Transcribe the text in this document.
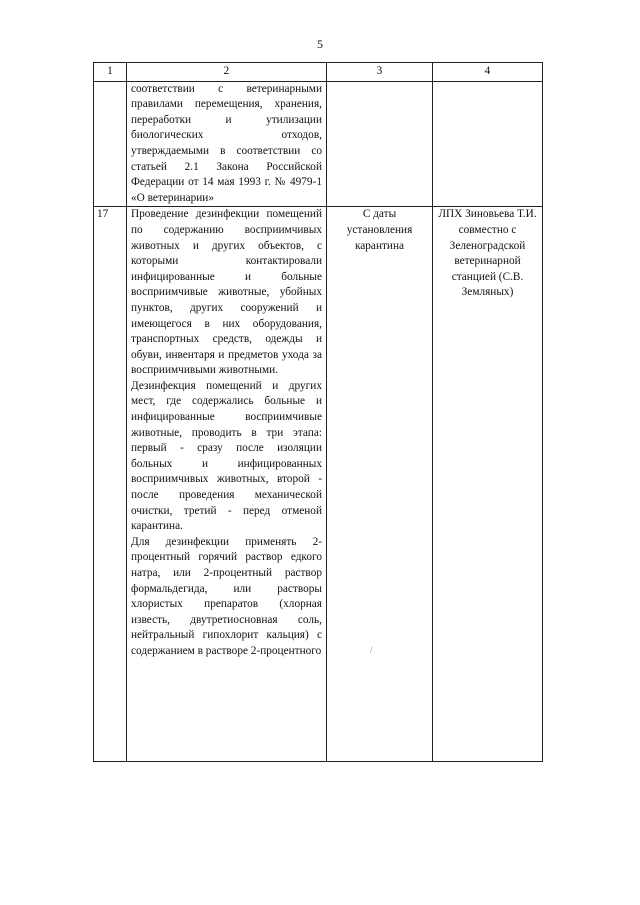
5
1	2	3	4
	соответствии с ветеринарными правилами перемещения, хранения, переработки и утилизации биологических отходов, утверждаемыми в соответствии со статьей 2.1 Закона Российской Федерации от 14 мая 1993 г. № 4979-1 «О ветеринарии»		
17	Проведение дезинфекции помещений по содержанию восприимчивых животных и других объектов, с которыми контактировали инфицированные и больные восприимчивые животные, убойных пунктов, других сооружений и имеющегося в них оборудования, транспортных средств, одежды и обуви, инвентаря и предметов ухода за восприимчивыми животными.

Дезинфекция помещений и других мест, где содержались больные и инфицированные восприимчивые животные, проводить в три этапа: первый - сразу после изоляции больных и инфицированных восприимчивых животных, второй - после проведения механической очистки, третий - перед отменой карантина.

Для дезинфекции применять 2-процентный горячий раствор едкого натра, или 2-процентный раствор формальдегида, или растворы хлористых препаратов (хлорная известь, двутретиосновная соль, нейтральный гипохлорит кальция) с содержанием в растворе 2-процентного	С даты установления карантина	ЛПХ Зиновьева Т.И. совместно с Зеленоградской ветеринарной станцией (С.В. Земляных)
/
